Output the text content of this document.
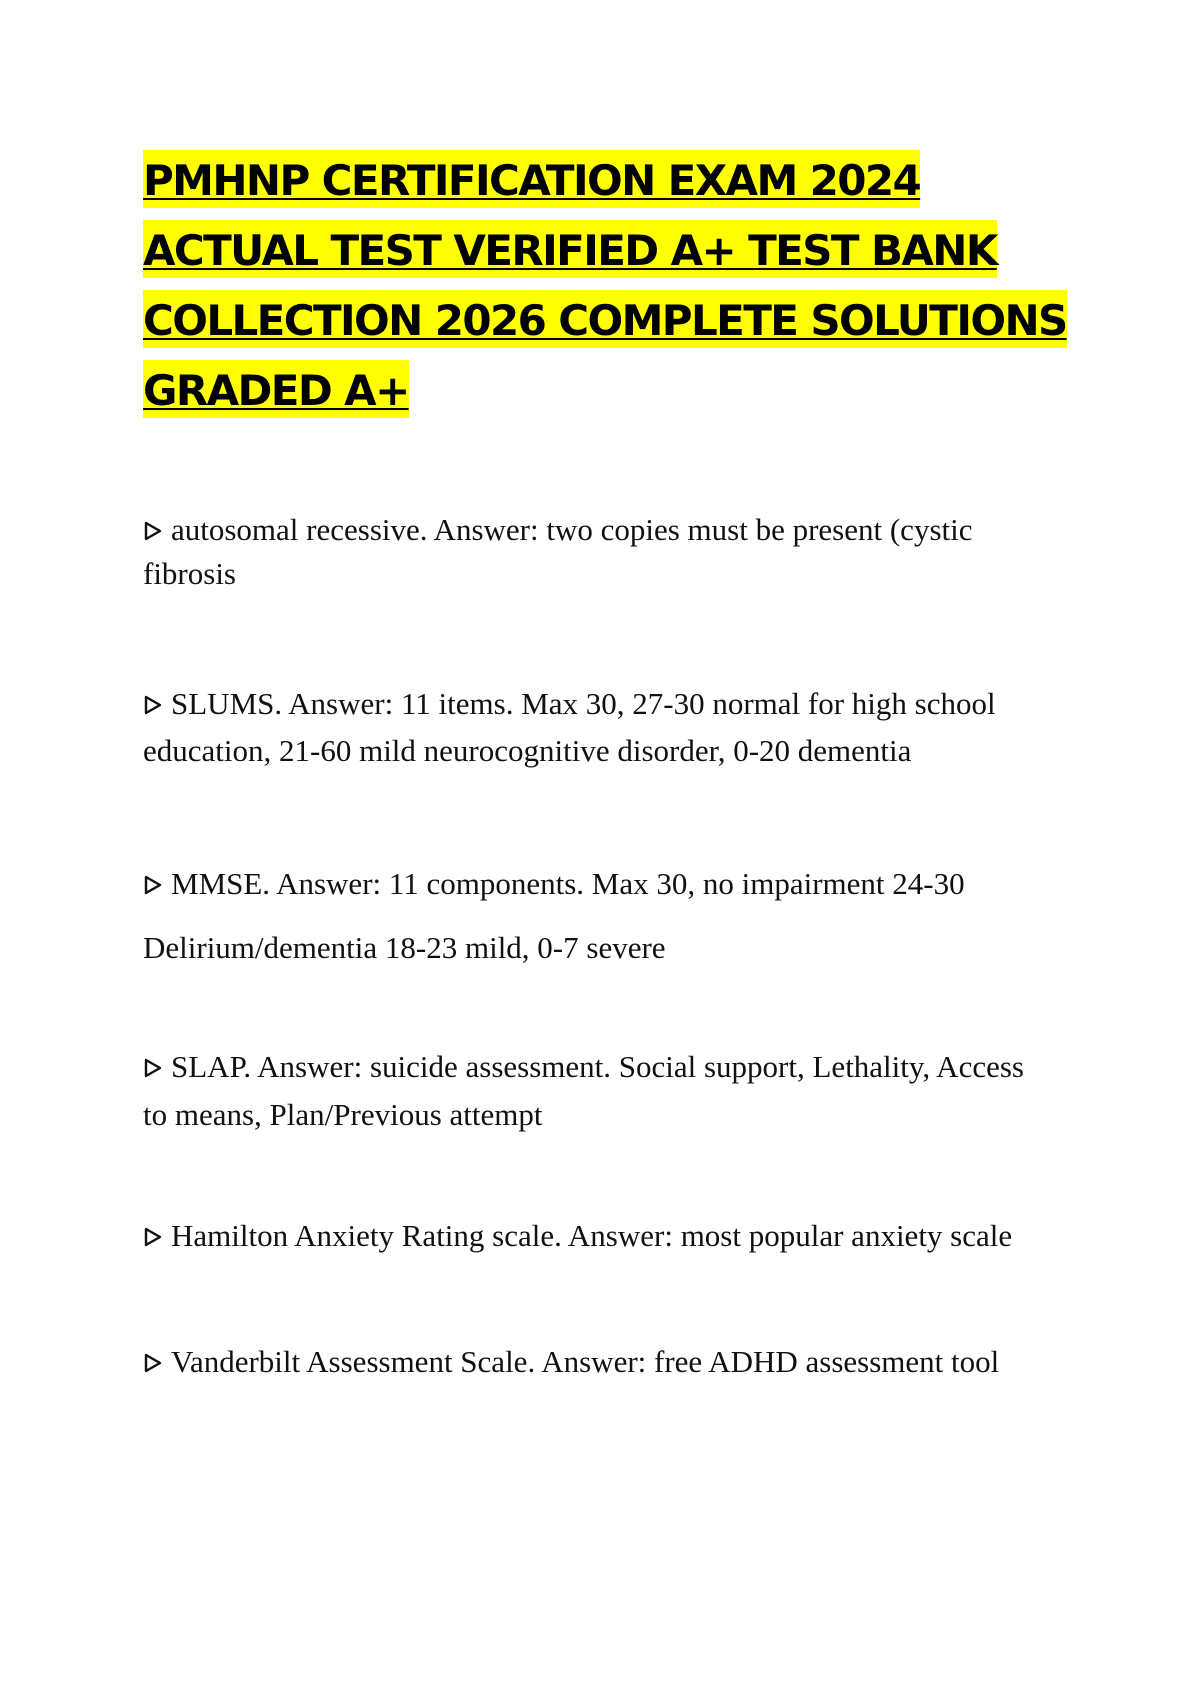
PMHNP CERTIFICATION EXAM 2024
ACTUAL TEST VERIFIED A+ TEST BANK
COLLECTION 2026 COMPLETE SOLUTIONS
GRADED A+
autosomal recessive. Answer: two copies must be present (cystic
fibrosis
SLUMS. Answer: 11 items. Max 30, 27-30 normal for high school
education, 21-60 mild neurocognitive disorder, 0-20 dementia
MMSE. Answer: 11 components. Max 30, no impairment 24-30
Delirium/dementia 18-23 mild, 0-7 severe
SLAP. Answer: suicide assessment. Social support, Lethality, Access
to means, Plan/Previous attempt
Hamilton Anxiety Rating scale. Answer: most popular anxiety scale
Vanderbilt Assessment Scale. Answer: free ADHD assessment tool
